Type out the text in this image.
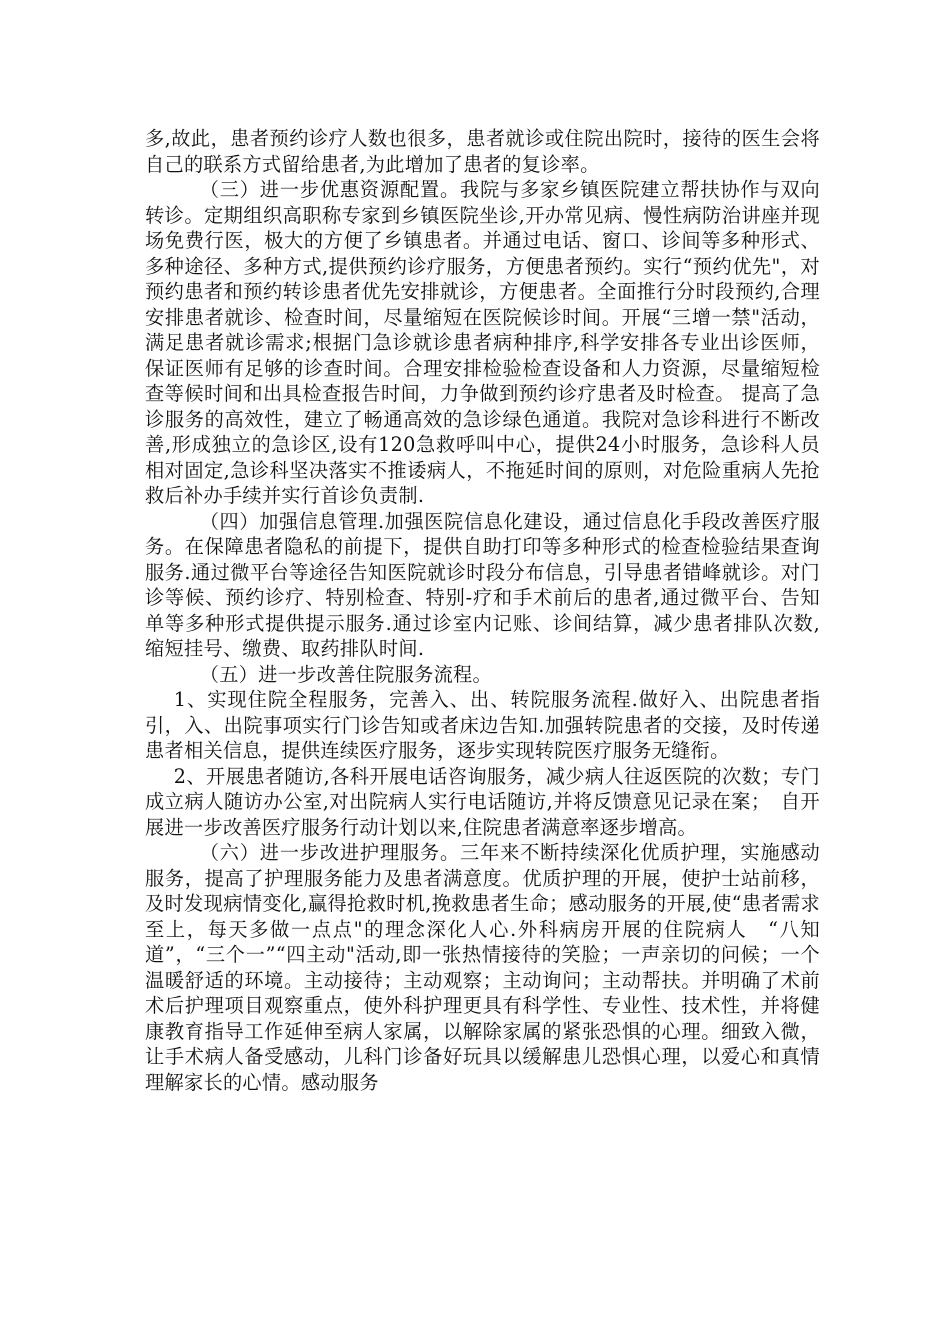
多,故此，患者预约诊疗人数也很多，患者就诊或住院出院时，接待的医生会将自己的联系方式留给患者,为此增加了患者的复诊率。

（三）进一步优惠资源配置。我院与多家乡镇医院建立帮扶协作与双向转诊。定期组织高职称专家到乡镇医院坐诊,开办常见病、慢性病防治讲座并现场免费行医，极大的方便了乡镇患者。并通过电话、窗口、诊间等多种形式、多种途径、多种方式,提供预约诊疗服务，方便患者预约。实行“预约优先"，对预约患者和预约转诊患者优先安排就诊，方便患者。全面推行分时段预约,合理安排患者就诊、检查时间，尽量缩短在医院候诊时间。开展“三增一禁"活动，满足患者就诊需求;根据门急诊就诊患者病种排序,科学安排各专业出诊医师，保证医师有足够的诊查时间。合理安排检验检查设备和人力资源，尽量缩短检查等候时间和出具检查报告时间，力争做到预约诊疗患者及时检查。 提高了急诊服务的高效性，建立了畅通高效的急诊绿色通道。我院对急诊科进行不断改善,形成独立的急诊区,设有120急救呼叫中心，提供24小时服务，急诊科人员相对固定,急诊科坚决落实不推诿病人，不拖延时间的原则，对危险重病人先抢救后补办手续并实行首诊负责制.

（四）加强信息管理.加强医院信息化建设，通过信息化手段改善医疗服务。在保障患者隐私的前提下，提供自助打印等多种形式的检查检验结果查询服务.通过微平台等途径告知医院就诊时段分布信息，引导患者错峰就诊。对门诊等候、预约诊疗、特别检查、特别-疗和手术前后的患者,通过微平台、告知单等多种形式提供提示服务.通过诊室内记账、诊间结算，减少患者排队次数,缩短挂号、缴费、取药排队时间.

（五）进一步改善住院服务流程。

1、实现住院全程服务，完善入、出、转院服务流程.做好入、出院患者指引，入、出院事项实行门诊告知或者床边告知.加强转院患者的交接，及时传递患者相关信息，提供连续医疗服务，逐步实现转院医疗服务无缝衔。

2、开展患者随访,各科开展电话咨询服务，减少病人往返医院的次数；专门成立病人随访办公室,对出院病人实行电话随访,并将反馈意见记录在案；　自开展进一步改善医疗服务行动计划以来,住院患者满意率逐步增高。

（六）进一步改进护理服务。三年来不断持续深化优质护理，实施感动服务，提高了护理服务能力及患者满意度。优质护理的开展，使护士站前移，及时发现病情变化,赢得抢救时机,挽救患者生命；感动服务的开展,使“患者需求至上，每天多做一点点"的理念深化人心.外科病房开展的住院病人　“八知道”，“三个一”“四主动"活动,即一张热情接待的笑脸；一声亲切的问候；一个温暖舒适的环境。主动接待；主动观察；主动询问；主动帮扶。并明确了术前术后护理项目观察重点，使外科护理更具有科学性、专业性、技术性，并将健康教育指导工作延伸至病人家属，以解除家属的紧张恐惧的心理。细致入微，让手术病人备受感动，儿科门诊备好玩具以缓解患儿恐惧心理，以爱心和真情理解家长的心情。感动服务
